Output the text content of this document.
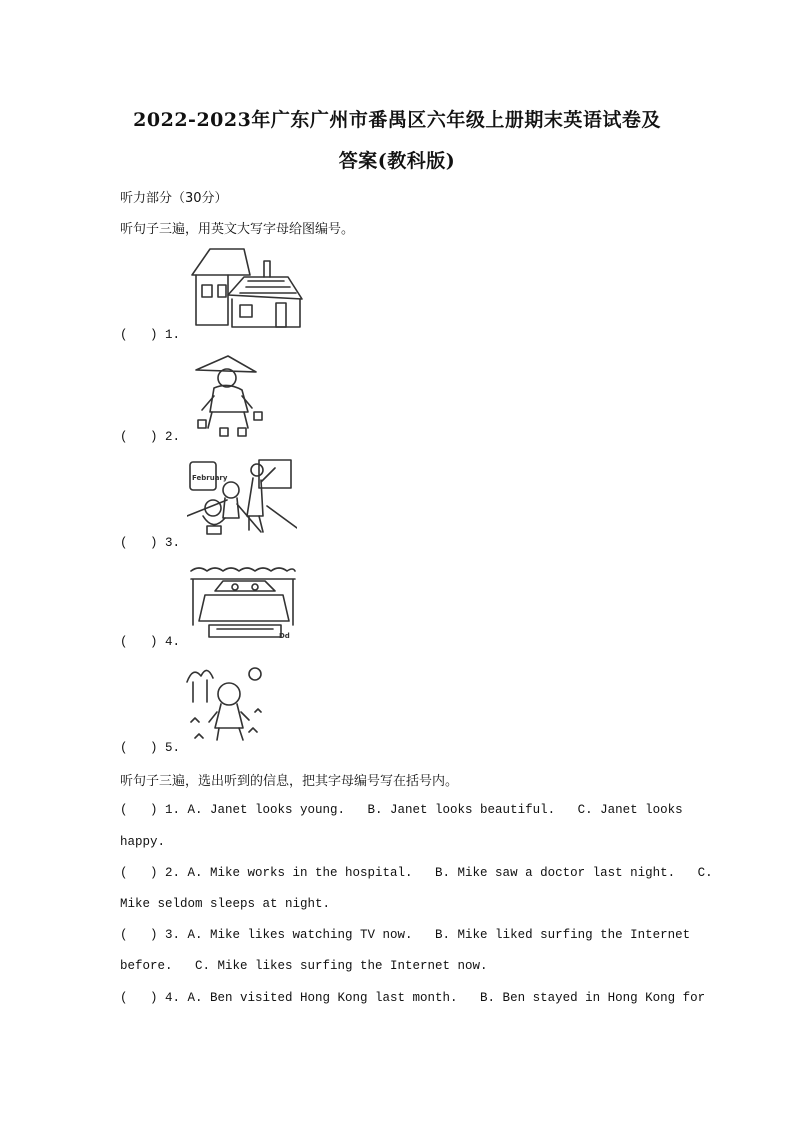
2022-2023年广东广州市番禺区六年级上册期末英语试卷及
答案(教科版)
听力部分（30分）
听句子三遍，用英文大写字母给图编号。
(   ) 1.
(   ) 2.
February
(   ) 3.
Dd
(   ) 4.
(   ) 5.
听句子三遍，选出听到的信息，把其字母编号写在括号内。
(   ) 1. A. Janet looks young.   B. Janet looks beautiful.   C. Janet looks
happy.
(   ) 2. A. Mike works in the hospital.   B. Mike saw a doctor last night.   C.
Mike seldom sleeps at night.
(   ) 3. A. Mike likes watching TV now.   B. Mike liked surfing the Internet
before.   C. Mike likes surfing the Internet now.
(   ) 4. A. Ben visited Hong Kong last month.   B. Ben stayed in Hong Kong for
